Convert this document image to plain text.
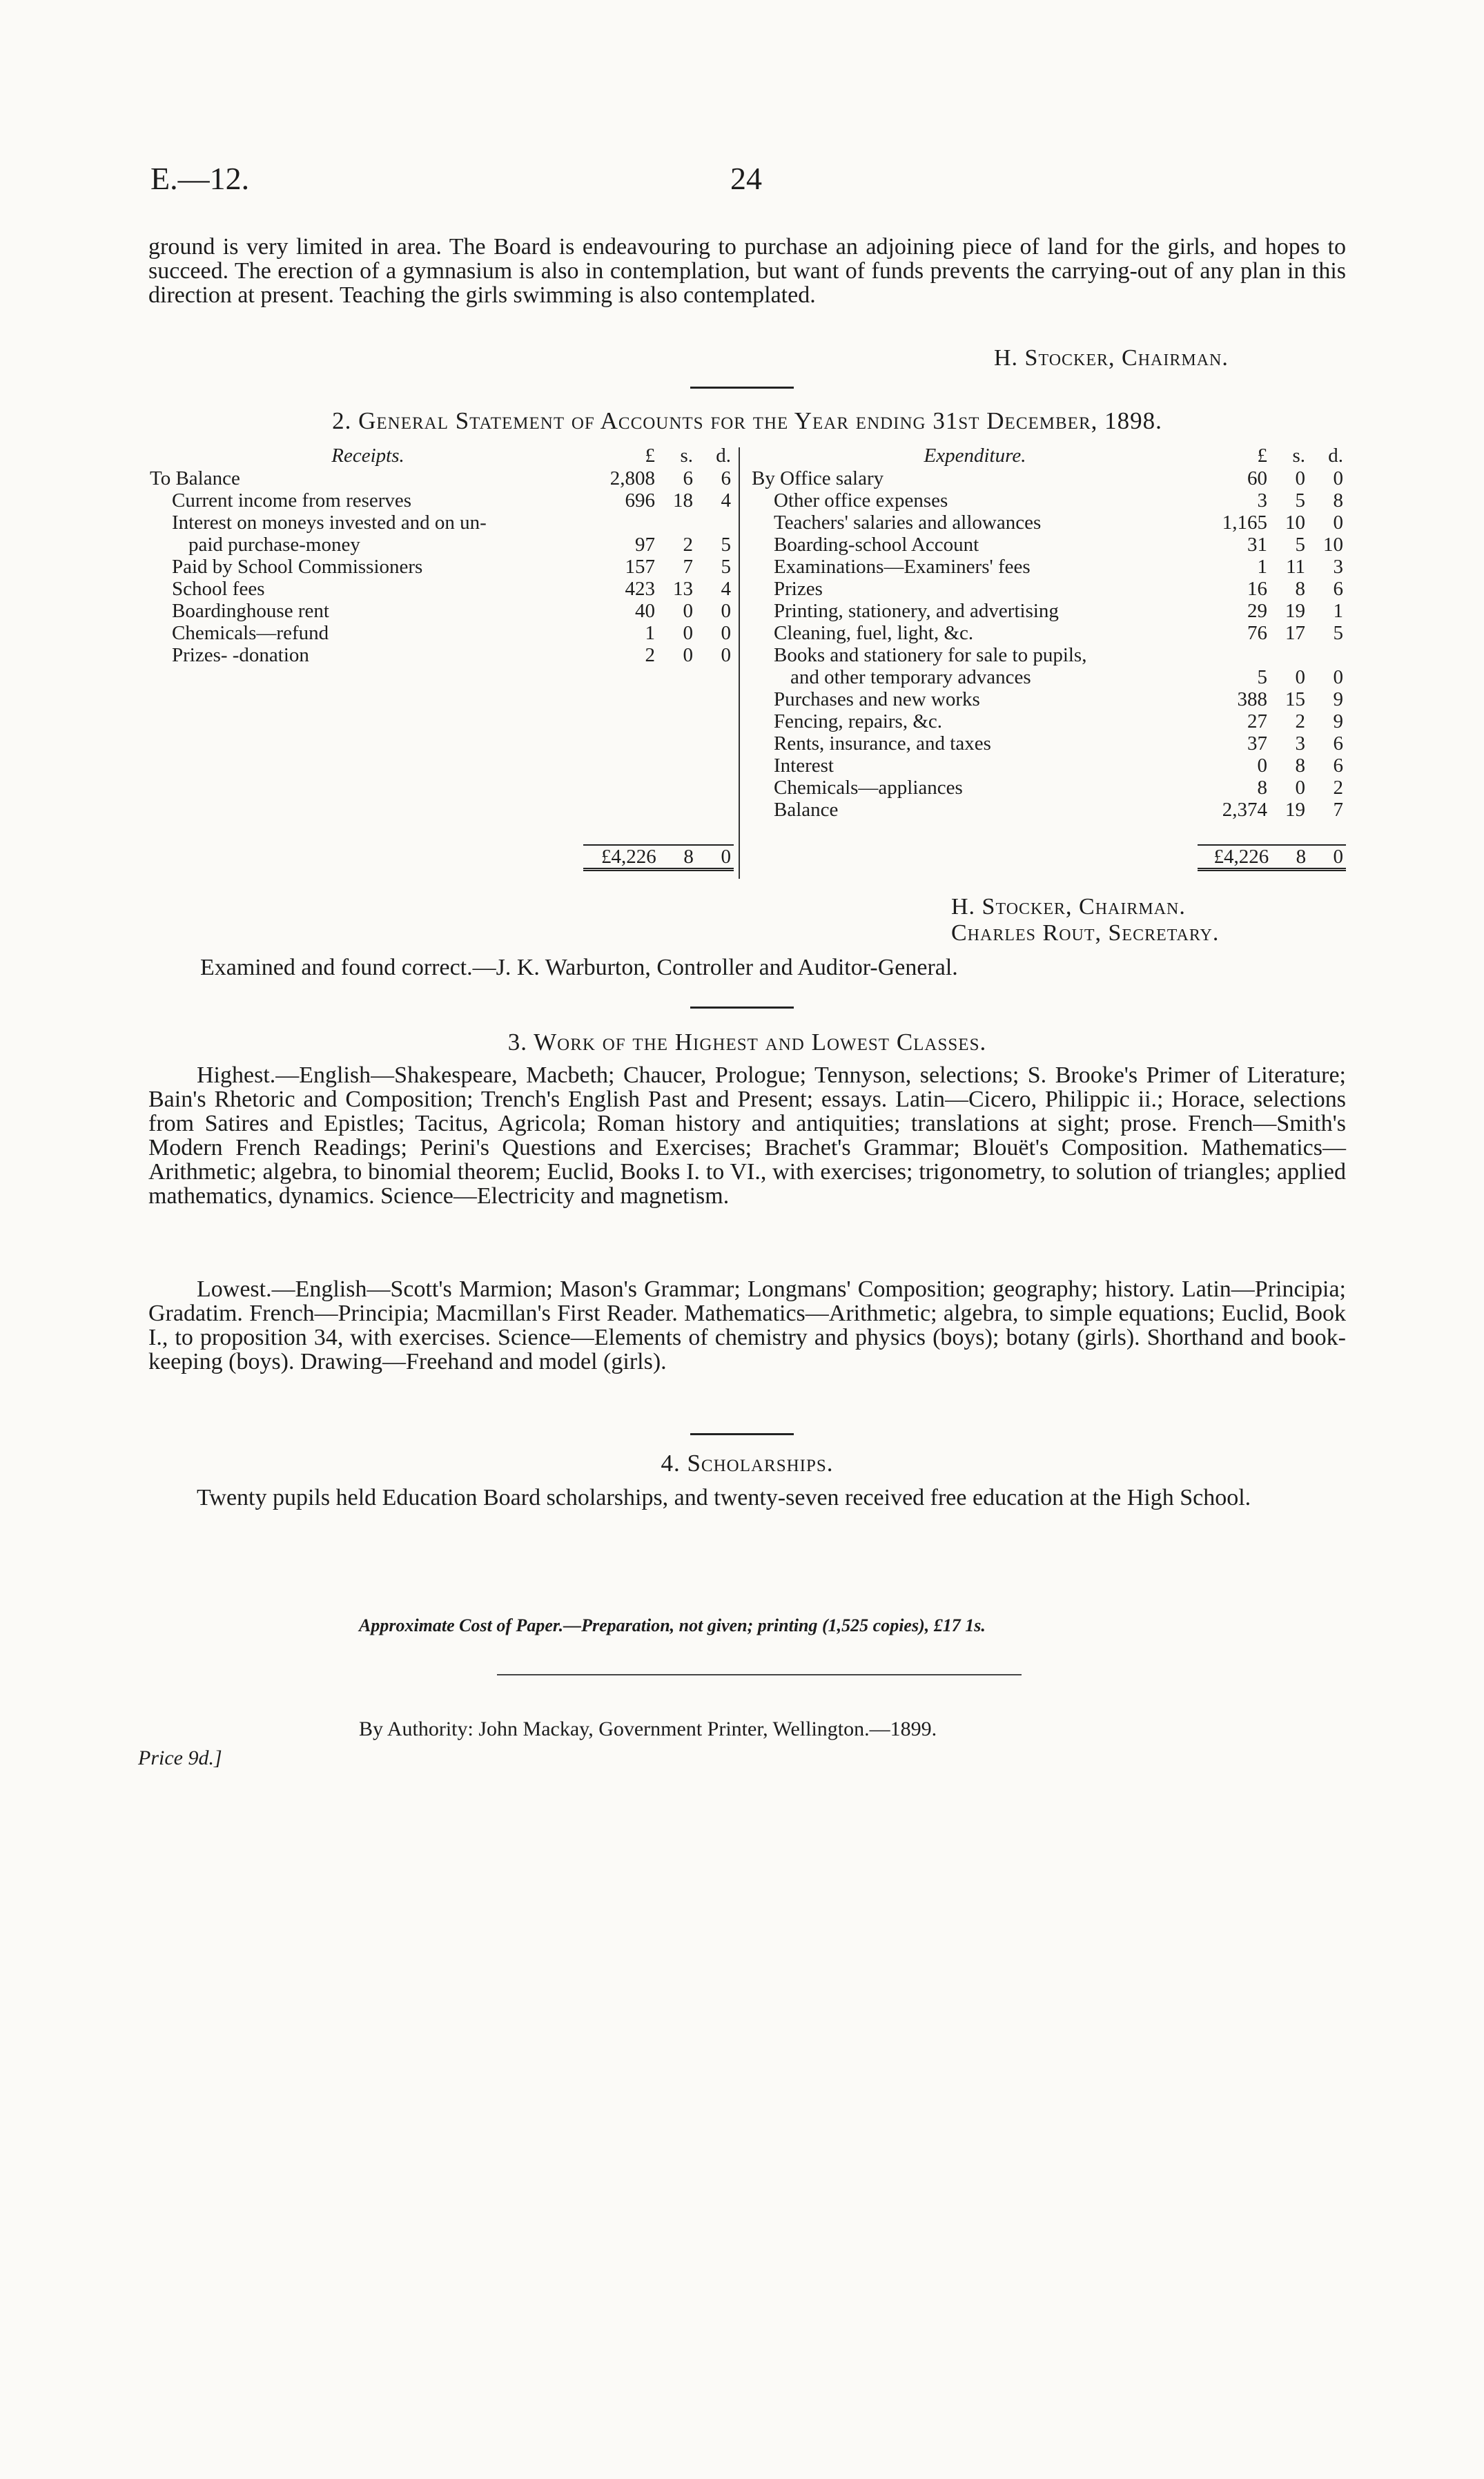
E.—12.	24
ground is very limited in area. The Board is endeavouring to purchase an adjoining piece of land for the girls, and hopes to succeed. The erection of a gymnasium is also in contemplation, but want of funds prevents the carrying-out of any plan in this direction at present. Teaching the girls swimming is also contemplated.
H. Stocker, Chairman.
2. General Statement of Accounts for the Year ending 31st December, 1898.
Receipts.	£	s.	d.
To Balance	2,808	6	6
Current income from reserves	696	18	4
Interest on moneys invested and on un-			
paid purchase-money	97	2	5
Paid by School Commissioners	157	7	5
School fees	423	13	4
Boardinghouse rent	40	0	0
Chemicals—refund	1	0	0
Prizes- -donation	2	0	0
Expenditure.	£	s.	d.
By Office salary	60	0	0
Other office expenses	3	5	8
Teachers' salaries and allowances	1,165	10	0
Boarding-school Account	31	5	10
Examinations—Examiners' fees	1	11	3
Prizes	16	8	6
Printing, stationery, and advertising	29	19	1
Cleaning, fuel, light, &c.	76	17	5
Books and stationery for sale to pupils,			
and other temporary advances	5	0	0
Purchases and new works	388	15	9
Fencing, repairs, &c.	27	2	9
Rents, insurance, and taxes	37	3	6
Interest	0	8	6
Chemicals—appliances	8	0	2
Balance	2,374	19	7
£4,226	8	0	£4,226	8	0
H. Stocker, Chairman.
Charles Rout, Secretary.
Examined and found correct.—J. K. Warburton, Controller and Auditor-General.
3. Work of the Highest and Lowest Classes.
Highest.—English—Shakespeare, Macbeth; Chaucer, Prologue; Tennyson, selections; S. Brooke's Primer of Literature; Bain's Rhetoric and Composition; Trench's English Past and Present; essays. Latin—Cicero, Philippic ii.; Horace, selections from Satires and Epistles; Tacitus, Agricola; Roman history and antiquities; translations at sight; prose. French—Smith's Modern French Readings; Perini's Questions and Exercises; Brachet's Grammar; Blouët's Composition. Mathematics—Arithmetic; algebra, to binomial theorem; Euclid, Books I. to VI., with exercises; trigonometry, to solution of triangles; applied mathematics, dynamics. Science—Electricity and magnetism.
Lowest.—English—Scott's Marmion; Mason's Grammar; Longmans' Composition; geography; history. Latin—Principia; Gradatim. French—Principia; Macmillan's First Reader. Mathematics—Arithmetic; algebra, to simple equations; Euclid, Book I., to proposition 34, with exercises. Science—Elements of chemistry and physics (boys); botany (girls). Shorthand and book-keeping (boys). Drawing—Freehand and model (girls).
4. Scholarships.
Twenty pupils held Education Board scholarships, and twenty-seven received free education at the High School.
Approximate Cost of Paper.—Preparation, not given; printing (1,525 copies), £17 1s.
By Authority: John Mackay, Government Printer, Wellington.—1899.
Price 9d.]
